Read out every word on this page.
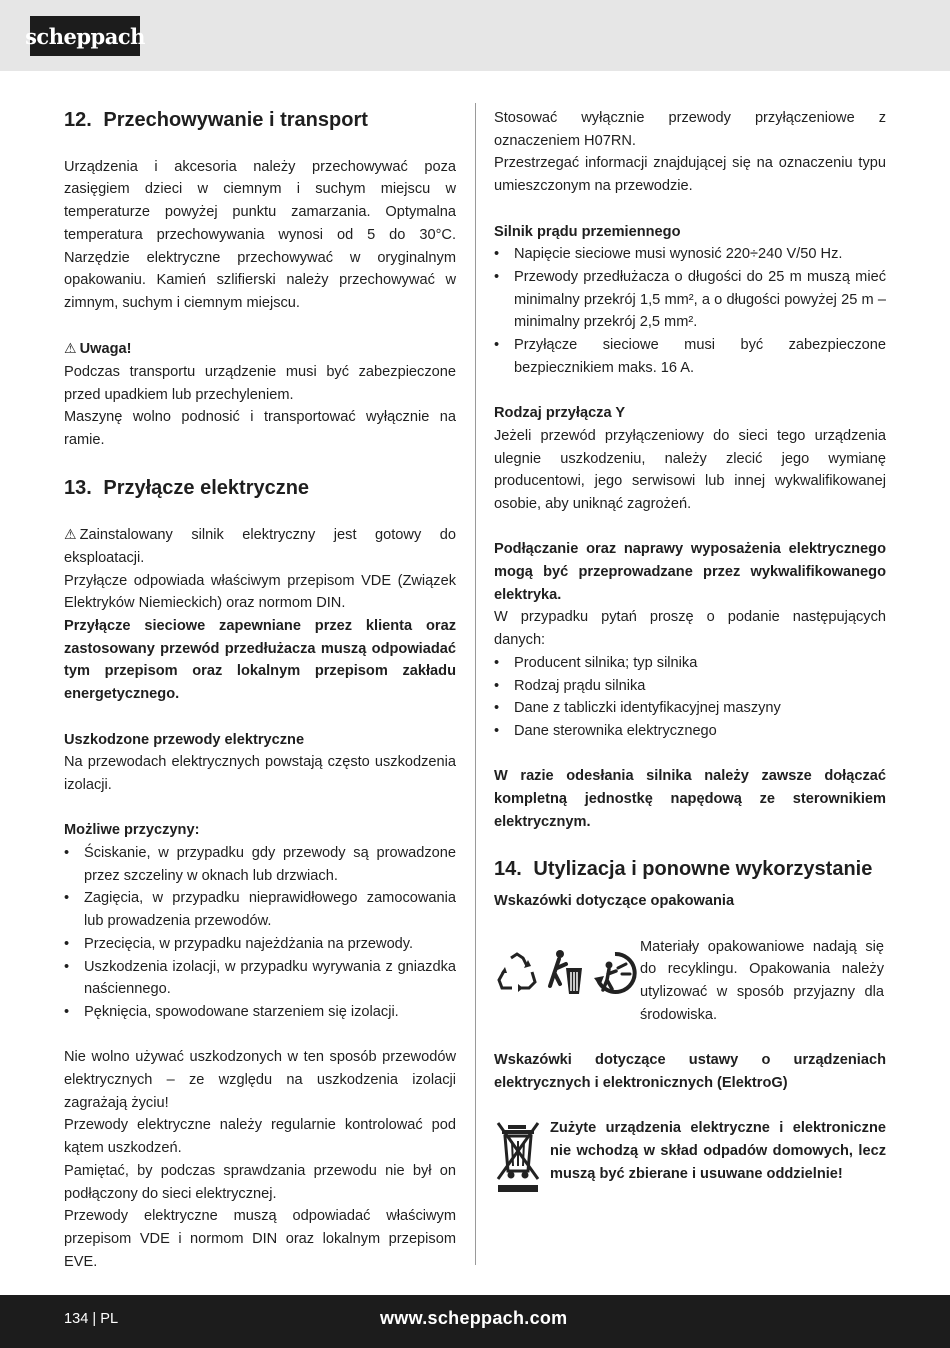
scheppach
12. Przechowywanie i transport

Urządzenia i akcesoria należy przechowywać poza zasięgiem dzieci w ciemnym i suchym miejscu w temperaturze powyżej punktu zamarzania. Optymalna temperatura przechowywania wynosi od 5 do 30°C. Narzędzie elektryczne przechowywać w oryginalnym opakowaniu. Kamień szlifierski należy przechowywać w zimnym, suchym i ciemnym miejscu.

⚠ Uwaga!

Podczas transportu urządzenie musi być zabezpieczone przed upadkiem lub przechyleniem.

Maszynę wolno podnosić i transportować wyłącznie na ramie.

13. Przyłącze elektryczne

⚠ Zainstalowany silnik elektryczny jest gotowy do eksploatacji.

Przyłącze odpowiada właściwym przepisom VDE (Związek Elektryków Niemieckich) oraz normom DIN.

Przyłącze sieciowe zapewniane przez klienta oraz zastosowany przewód przedłużacza muszą odpowiadać tym przepisom oraz lokalnym przepisom zakładu energetycznego.

Uszkodzone przewody elektryczne

Na przewodach elektrycznych powstają często uszkodzenia izolacji.

Możliwe przyczyny:

• Ściskanie, w przypadku gdy przewody są prowadzone przez szczeliny w oknach lub drzwiach.
• Zagięcia, w przypadku nieprawidłowego zamocowania lub prowadzenia przewodów.
• Przecięcia, w przypadku najeżdżania na przewody.
• Uszkodzenia izolacji, w przypadku wyrywania z gniazdka naściennego.
• Pęknięcia, spowodowane starzeniem się izolacji.

Nie wolno używać uszkodzonych w ten sposób przewodów elektrycznych – ze względu na uszkodzenia izolacji zagrażają życiu!

Przewody elektryczne należy regularnie kontrolować pod kątem uszkodzeń.

Pamiętać, by podczas sprawdzania przewodu nie był on podłączony do sieci elektrycznej.

Przewody elektryczne muszą odpowiadać właściwym przepisom VDE i normom DIN oraz lokalnym przepisom EVE.

Stosować wyłącznie przewody przyłączeniowe z oznaczeniem H07RN.

Przestrzegać informacji znajdującej się na oznaczeniu typu umieszczonym na przewodzie.

Silnik prądu przemiennego

• Napięcie sieciowe musi wynosić 220÷240 V/50 Hz.
• Przewody przedłużacza o długości do 25 m muszą mieć minimalny przekrój 1,5 mm², a o długości powyżej 25 m – minimalny przekrój 2,5 mm².
• Przyłącze sieciowe musi być zabezpieczone bezpiecznikiem maks. 16 A.

Rodzaj przyłącza Y

Jeżeli przewód przyłączeniowy do sieci tego urządzenia ulegnie uszkodzeniu, należy zlecić jego wymianę producentowi, jego serwisowi lub innej wykwalifikowanej osobie, aby uniknąć zagrożeń.

Podłączanie oraz naprawy wyposażenia elektrycznego mogą być przeprowadzane przez wykwalifikowanego elektryka.

W przypadku pytań proszę o podanie następujących danych:

• Producent silnika; typ silnika
• Rodzaj prądu silnika
• Dane z tabliczki identyfikacyjnej maszyny
• Dane sterownika elektrycznego

W razie odesłania silnika należy zawsze dołączać kompletną jednostkę napędową ze sterownikiem elektrycznym.

14. Utylizacja i ponowne wykorzystanie

Wskazówki dotyczące opakowania

Materiały opakowaniowe nadają się do recyklingu. Opakowania należy utylizować w sposób przyjazny dla środowiska.

Wskazówki dotyczące ustawy o urządzeniach elektrycznych i elektronicznych (ElektroG)

Zużyte urządzenia elektryczne i elektroniczne nie wchodzą w skład odpadów domowych, lecz muszą być zbierane i usuwane oddzielnie!

134 | PL	www.scheppach.com
